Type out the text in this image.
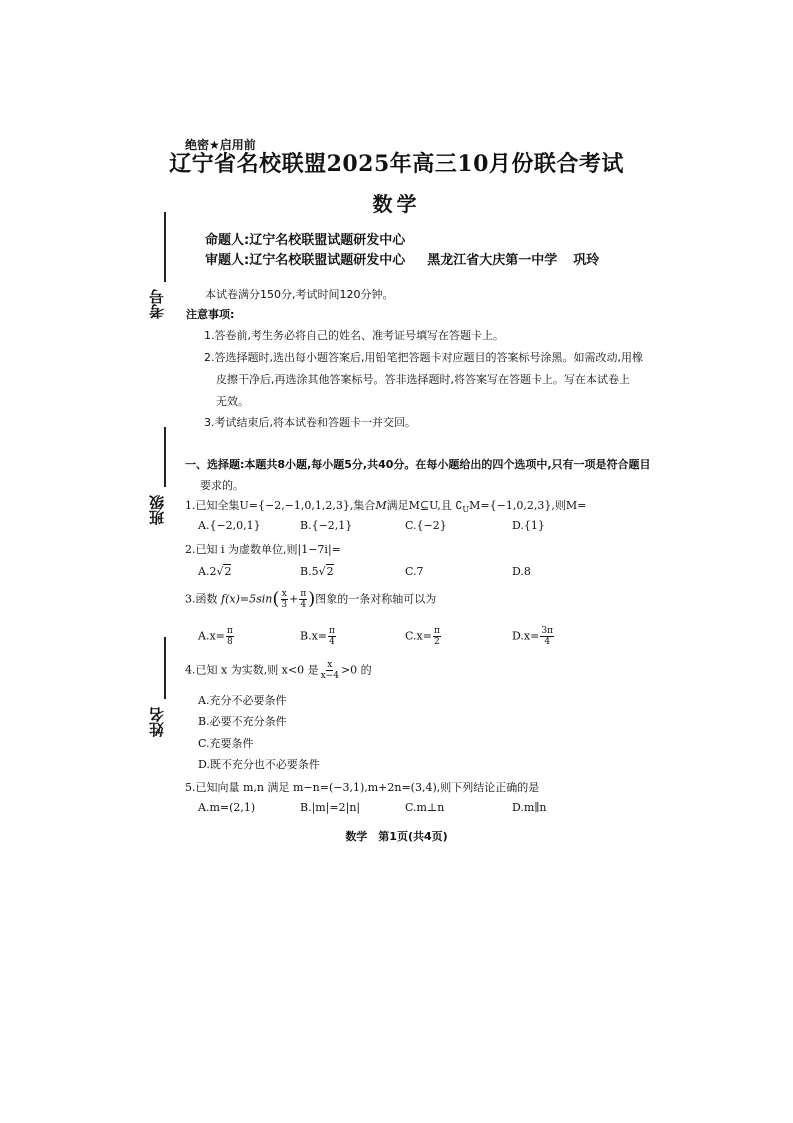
考号
班级
姓名
绝密★启用前
辽宁省名校联盟2025年高三10月份联合考试
数学
命题人:辽宁名校联盟试题研发中心
审题人:辽宁名校联盟试题研发中心 黑龙江省大庆第一中学 巩玲
本试卷满分150分,考试时间120分钟。
注意事项:
1.答卷前,考生务必将自己的姓名、准考证号填写在答题卡上。
2.答选择题时,选出每小题答案后,用铅笔把答题卡对应题目的答案标号涂黑。如需改动,用橡
皮擦干净后,再选涂其他答案标号。答非选择题时,将答案写在答题卡上。写在本试卷上
无效。
3.考试结束后,将本试卷和答题卡一并交回。
一、选择题:本题共8小题,每小题5分,共40分。在每小题给出的四个选项中,只有一项是符合题目
要求的。
1.已知全集U={−2,−1,0,1,2,3},集合M满足M⊆U,且 $∁_UM=\{-1,0,2,3\}$,则M=
A.{−2,0,1}	B.{−2,1}	C.{−2}	D.{1}
2.已知 i 为虚数单位,则|1−7i|=
A.2√2	B.5√2	C.7	D.8
3.函数 $f(x)=5\sin( \frac{x}{3} + \frac{\pi}{4}$ )图象的一条对称轴可以为
$A.x= \frac{\pi}{8}$	$B.x= \frac{\pi}{4}$	$C.x= \frac{\pi}{2}$	$D.x= \frac{3\pi}{4}$
4.已知 x 为实数,则 x<0 是 $\frac{x}{x-4} >0$ 的
A.充分不必要条件
B.必要不充分条件
C.充要条件
D.既不充分也不必要条件
5.已知向量 m,n 满足 m−n=(−3,1),m+2n=(3,4),则下列结论正确的是
A.m=(2,1)	B.|m|=2|n|	C.m⊥n	D.m∥n
数学　第1页(共4页)
